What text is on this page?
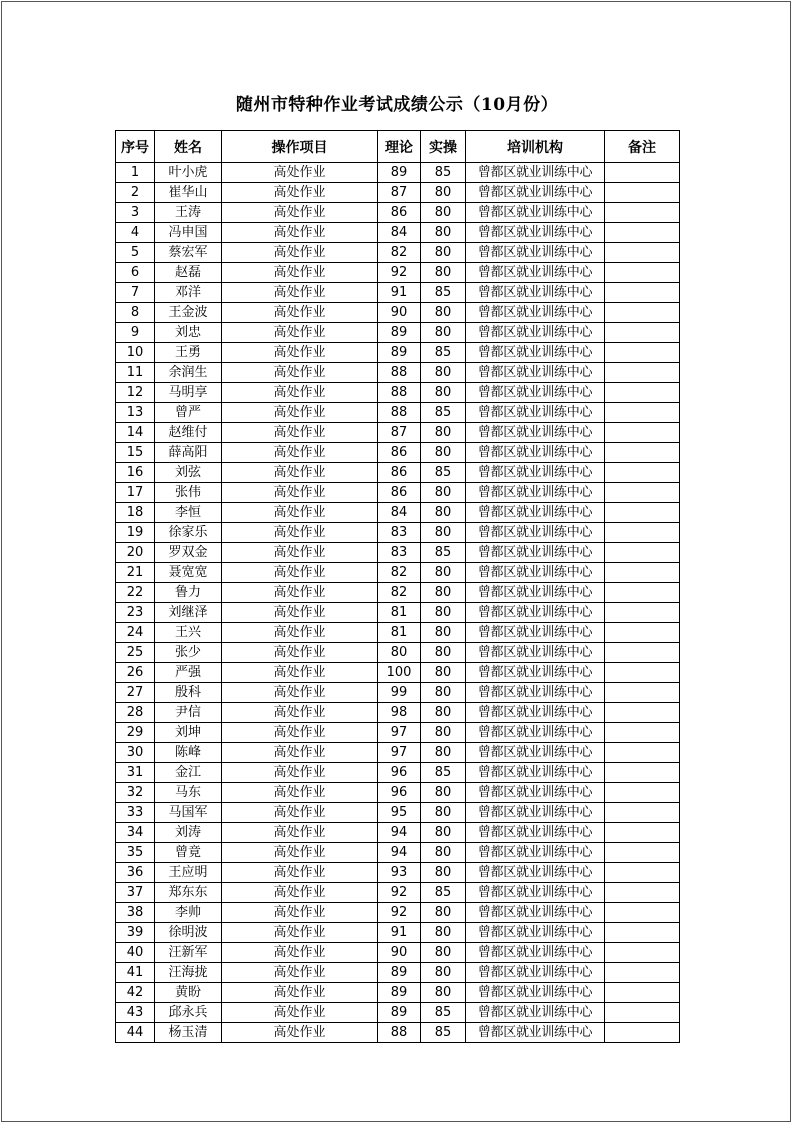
随州市特种作业考试成绩公示（10月份）
序号	姓名	操作项目	理论	实操	培训机构	备注
1	叶小虎	高处作业	89	85	曾都区就业训练中心	
2	崔华山	高处作业	87	80	曾都区就业训练中心	
3	王涛	高处作业	86	80	曾都区就业训练中心	
4	冯申国	高处作业	84	80	曾都区就业训练中心	
5	蔡宏军	高处作业	82	80	曾都区就业训练中心	
6	赵磊	高处作业	92	80	曾都区就业训练中心	
7	邓洋	高处作业	91	85	曾都区就业训练中心	
8	王金波	高处作业	90	80	曾都区就业训练中心	
9	刘忠	高处作业	89	80	曾都区就业训练中心	
10	王勇	高处作业	89	85	曾都区就业训练中心	
11	余润生	高处作业	88	80	曾都区就业训练中心	
12	马明享	高处作业	88	80	曾都区就业训练中心	
13	曾严	高处作业	88	85	曾都区就业训练中心	
14	赵维付	高处作业	87	80	曾都区就业训练中心	
15	薛高阳	高处作业	86	80	曾都区就业训练中心	
16	刘弦	高处作业	86	85	曾都区就业训练中心	
17	张伟	高处作业	86	80	曾都区就业训练中心	
18	李恒	高处作业	84	80	曾都区就业训练中心	
19	徐家乐	高处作业	83	80	曾都区就业训练中心	
20	罗双金	高处作业	83	85	曾都区就业训练中心	
21	聂宽宽	高处作业	82	80	曾都区就业训练中心	
22	鲁力	高处作业	82	80	曾都区就业训练中心	
23	刘继泽	高处作业	81	80	曾都区就业训练中心	
24	王兴	高处作业	81	80	曾都区就业训练中心	
25	张少	高处作业	80	80	曾都区就业训练中心	
26	严强	高处作业	100	80	曾都区就业训练中心	
27	殷科	高处作业	99	80	曾都区就业训练中心	
28	尹信	高处作业	98	80	曾都区就业训练中心	
29	刘坤	高处作业	97	80	曾都区就业训练中心	
30	陈峰	高处作业	97	80	曾都区就业训练中心	
31	金江	高处作业	96	85	曾都区就业训练中心	
32	马东	高处作业	96	80	曾都区就业训练中心	
33	马国军	高处作业	95	80	曾都区就业训练中心	
34	刘涛	高处作业	94	80	曾都区就业训练中心	
35	曾竟	高处作业	94	80	曾都区就业训练中心	
36	王应明	高处作业	93	80	曾都区就业训练中心	
37	郑东东	高处作业	92	85	曾都区就业训练中心	
38	李帅	高处作业	92	80	曾都区就业训练中心	
39	徐明波	高处作业	91	80	曾都区就业训练中心	
40	汪新军	高处作业	90	80	曾都区就业训练中心	
41	汪海拢	高处作业	89	80	曾都区就业训练中心	
42	黄盼	高处作业	89	80	曾都区就业训练中心	
43	邱永兵	高处作业	89	85	曾都区就业训练中心	
44	杨玉清	高处作业	88	85	曾都区就业训练中心	
